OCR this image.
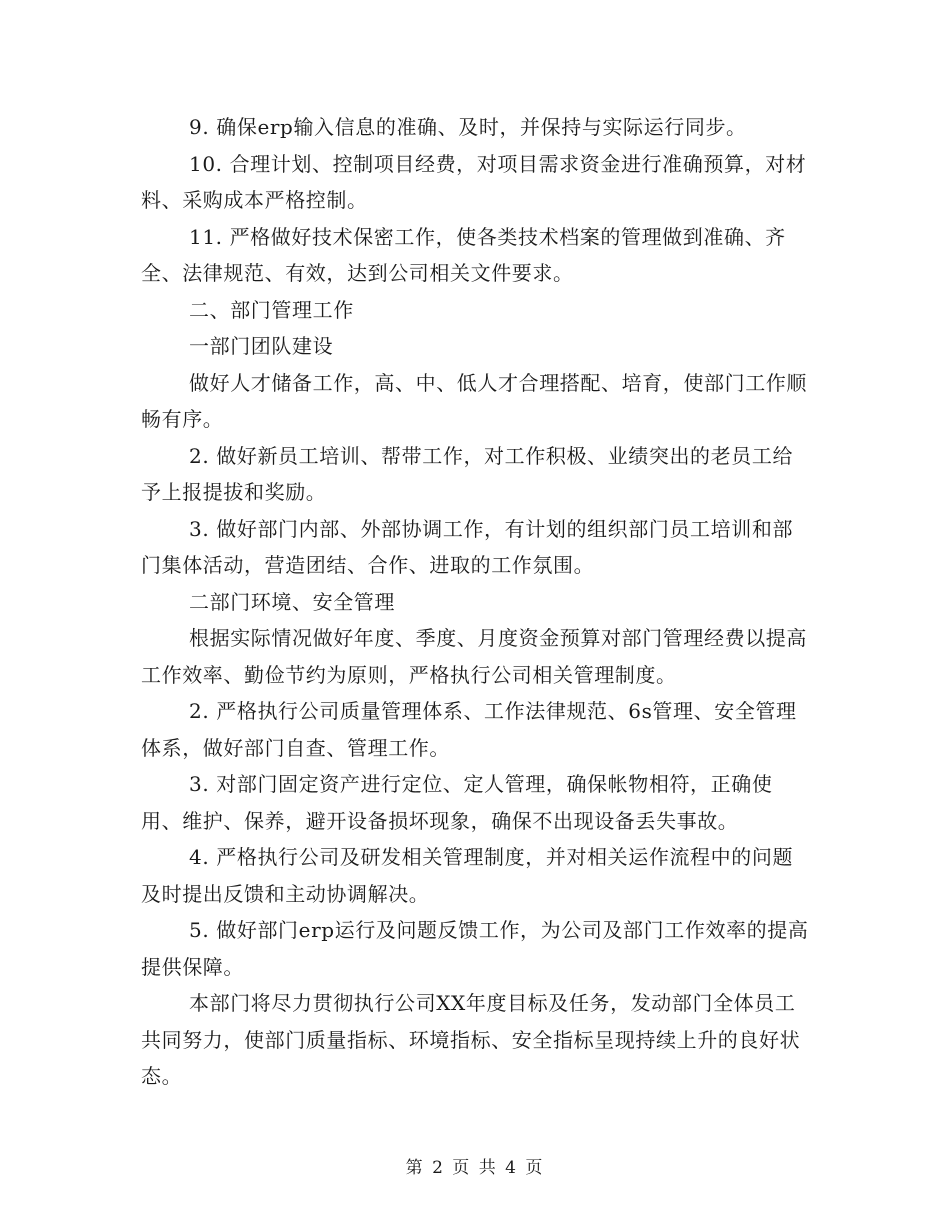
9. 确保erp输入信息的准确、及时，并保持与实际运行同步。

10. 合理计划、控制项目经费，对项目需求资金进行准确预算，对材料、采购成本严格控制。

11. 严格做好技术保密工作，使各类技术档案的管理做到准确、齐全、法律规范、有效，达到公司相关文件要求。

二、部门管理工作

一部门团队建设

做好人才储备工作，高、中、低人才合理搭配、培育，使部门工作顺畅有序。

2. 做好新员工培训、帮带工作，对工作积极、业绩突出的老员工给予上报提拔和奖励。

3. 做好部门内部、外部协调工作，有计划的组织部门员工培训和部门集体活动，营造团结、合作、进取的工作氛围。

二部门环境、安全管理

根据实际情况做好年度、季度、月度资金预算对部门管理经费以提高工作效率、勤俭节约为原则，严格执行公司相关管理制度。

2. 严格执行公司质量管理体系、工作法律规范、6s管理、安全管理体系，做好部门自查、管理工作。

3. 对部门固定资产进行定位、定人管理，确保帐物相符，正确使用、维护、保养，避开设备损坏现象，确保不出现设备丢失事故。

4. 严格执行公司及研发相关管理制度，并对相关运作流程中的问题及时提出反馈和主动协调解决。

5. 做好部门erp运行及问题反馈工作，为公司及部门工作效率的提高提供保障。

本部门将尽力贯彻执行公司XX年度目标及任务，发动部门全体员工共同努力，使部门质量指标、环境指标、安全指标呈现持续上升的良好状态。

第 2 页 共 4 页
